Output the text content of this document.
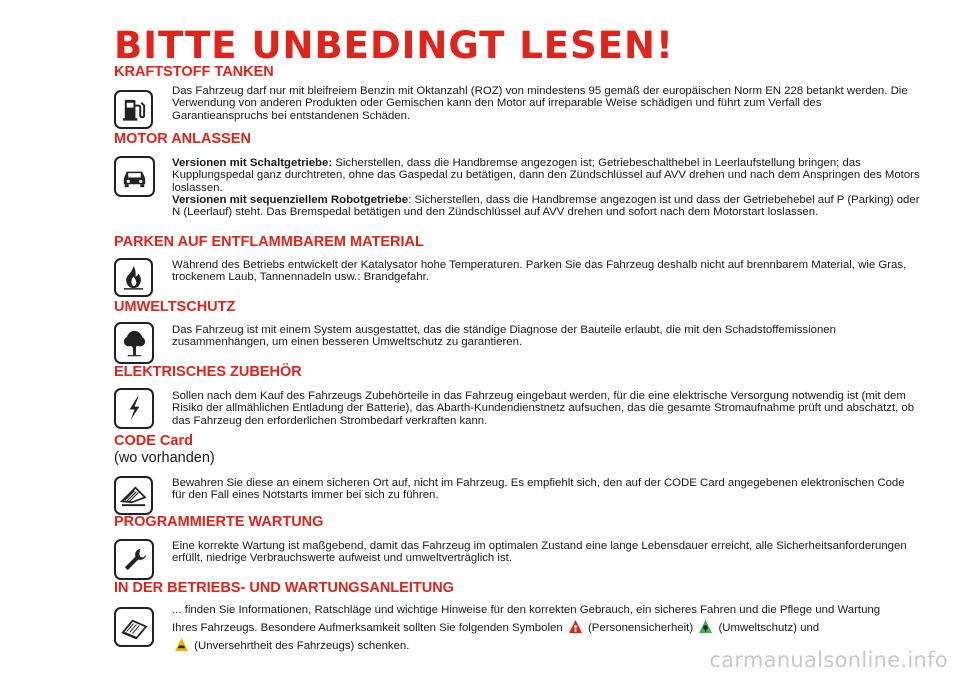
BITTE UNBEDINGT LESEN!
KRAFTSTOFF TANKEN

Das Fahrzeug darf nur mit bleifreiem Benzin mit Oktanzahl (ROZ) von mindestens 95 gemäß der europäischen Norm EN 228 betankt werden. Die Verwendung von anderen Produkten oder Gemischen kann den Motor auf irreparable Weise schädigen und führt zum Verfall des Garantieanspruchs bei entstandenen Schäden.

MOTOR ANLASSEN

Versionen mit Schaltgetriebe: Sicherstellen, dass die Handbremse angezogen ist; Getriebeschalthebel in Leerlaufstellung bringen; das Kupplungspedal ganz durchtreten, ohne das Gaspedal zu betätigen, dann den Zündschlüssel auf AVV drehen und nach dem Anspringen des Motors loslassen.

Versionen mit sequenziellem Robotgetriebe: Sicherstellen, dass die Handbremse angezogen ist und dass der Getriebehebel auf P (Parking) oder N (Leerlauf) steht. Das Bremspedal betätigen und den Zündschlüssel auf AVV drehen und sofort nach dem Motorstart loslassen.

PARKEN AUF ENTFLAMMBAREM MATERIAL

Während des Betriebs entwickelt der Katalysator hohe Temperaturen. Parken Sie das Fahrzeug deshalb nicht auf brennbarem Material, wie Gras, trockenem Laub, Tannennadeln usw.: Brandgefahr.

UMWELTSCHUTZ

Das Fahrzeug ist mit einem System ausgestattet, das die ständige Diagnose der Bauteile erlaubt, die mit den Schadstoffemissionen zusammenhängen, um einen besseren Umweltschutz zu garantieren.

ELEKTRISCHES ZUBEHÖR

Sollen nach dem Kauf des Fahrzeugs Zubehörteile in das Fahrzeug eingebaut werden, für die eine elektrische Versorgung notwendig ist (mit dem Risiko der allmählichen Entladung der Batterie), das Abarth-Kundendienstnetz aufsuchen, das die gesamte Stromaufnahme prüft und abschätzt, ob das Fahrzeug den erforderlichen Strombedarf verkraften kann.

CODE Card

(wo vorhanden)

Bewahren Sie diese an einem sicheren Ort auf, nicht im Fahrzeug. Es empfiehlt sich, den auf der CODE Card angegebenen elektronischen Code für den Fall eines Notstarts immer bei sich zu führen.

PROGRAMMIERTE WARTUNG

Eine korrekte Wartung ist maßgebend, damit das Fahrzeug im optimalen Zustand eine lange Lebensdauer erreicht, alle Sicherheitsanforderungen erfüllt, niedrige Verbrauchswerte aufweist und umweltverträglich ist.

IN DER BETRIEBS- UND WARTUNGSANLEITUNG

... finden Sie Informationen, Ratschläge und wichtige Hinweise für den korrekten Gebrauch, ein sicheres Fahren und die Pflege und Wartung

Ihres Fahrzeugs. Besondere Aufmerksamkeit sollten Sie folgenden Symbolen (Personensicherheit) (Umweltschutz) und

(Unversehrtheit des Fahrzeugs) schenken.

carmanualsonline.info
